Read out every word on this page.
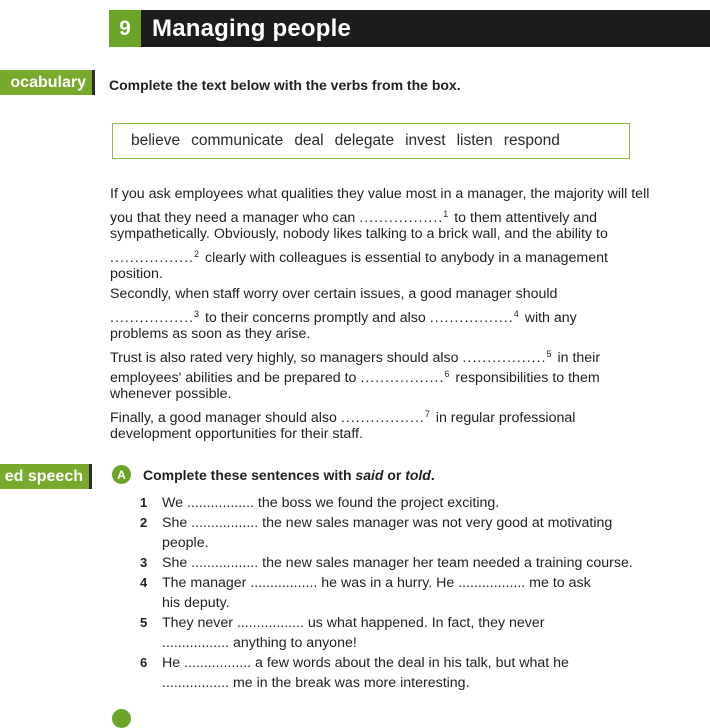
9 Managing people
ocabulary	Complete the text below with the verbs from the box.
believe communicate deal delegate invest listen respond
If you ask employees what qualities they value most in a manager, the majority will tell
you that they need a manager who can .................$^1$ to them attentively and
sympathetically. Obviously, nobody likes talking to a brick wall, and the ability to
.................$^2$ clearly with colleagues is essential to anybody in a management
position.
Secondly, when staff worry over certain issues, a good manager should
.................$^3$ to their concerns promptly and also .................$^4$ with any
problems as soon as they arise.
Trust is also rated very highly, so managers should also .................$^5$ in their
employees' abilities and be prepared to .................$^6$ responsibilities to them
whenever possible.
Finally, a good manager should also .................$^7$ in regular professional
development opportunities for their staff.
ed speech	A	Complete these sentences with said or told.
1	We ................. the boss we found the project exciting.
2	She ................. the new sales manager was not very good at motivating
people.
3	She ................. the new sales manager her team needed a training course.
4	The manager ................. he was in a hurry. He ................. me to ask
his deputy.
5	They never ................. us what happened. In fact, they never
................. anything to anyone!
6	He ................. a few words about the deal in his talk, but what he
................. me in the break was more interesting.
